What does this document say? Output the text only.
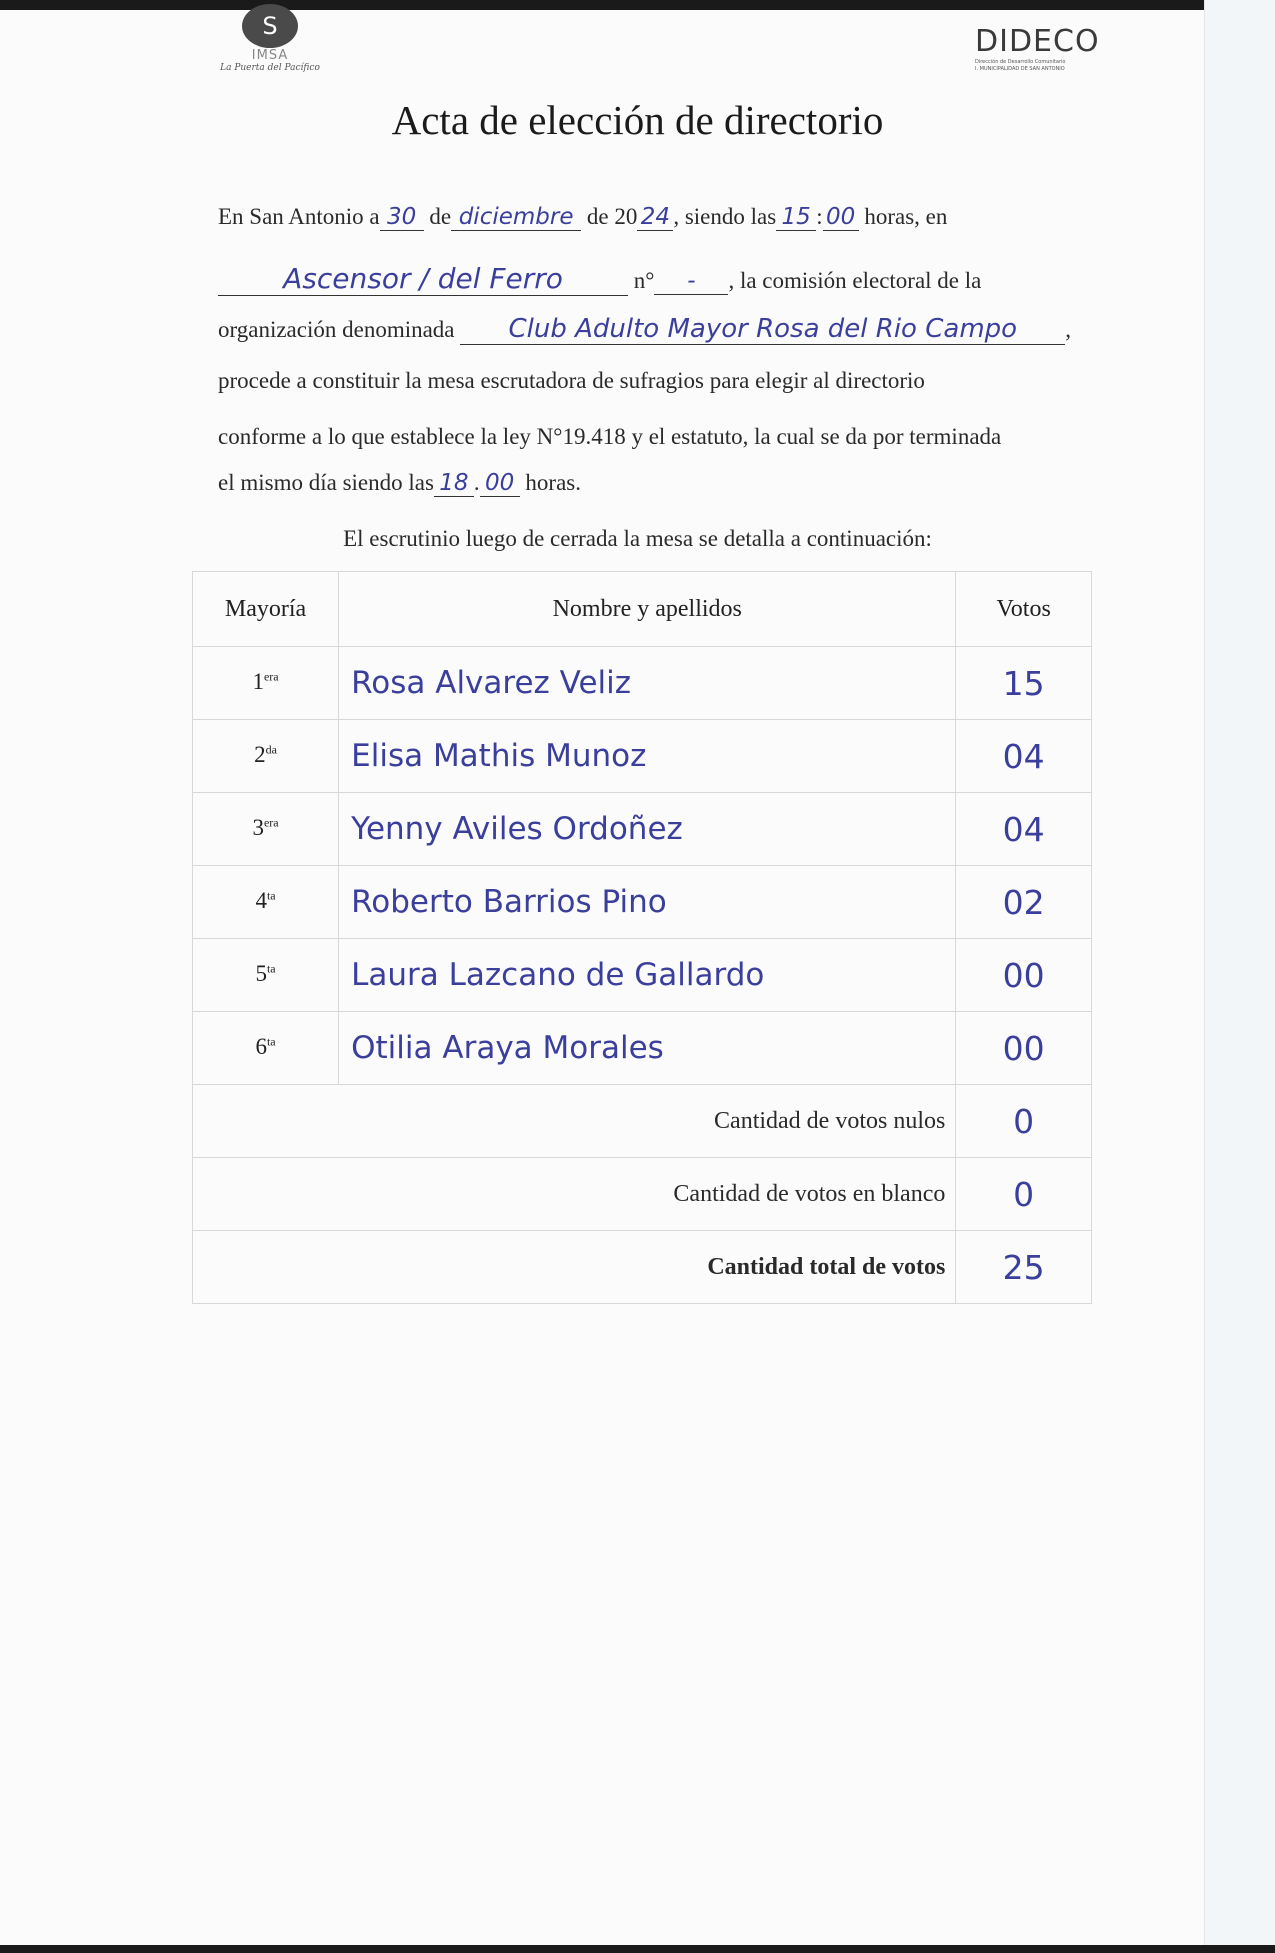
S
IMSA
La Puerta del Pacífico
DIDECO
Dirección de Desarrollo Comunitario
I. MUNICIPALIDAD DE SAN ANTONIO
Acta de elección de directorio
En San Antonio a 30 de diciembre de 20 24 , siendo las 15 : 00 horas, en
Ascensor / del Ferro	n° - , la comisión electoral de la
organización denominada Club Adulto Mayor Rosa del Rio Campo ,
procede a constituir la mesa escrutadora de sufragios para elegir al directorio
conforme a lo que establece la ley N°19.418 y el estatuto, la cual se da por terminada
el mismo día siendo las 18 . 00 horas.
El escrutinio luego de cerrada la mesa se detalla a continuación:
Mayoría	Nombre y apellidos	Votos
$1^{era}$	Rosa Alvarez Veliz	15
$2^{da}$	Elisa Mathis Munoz	04
$3^{era}$	Yenny Aviles Ordoñez	04
$4^{ta}$	Roberto Barrios Pino	02
$5^{ta}$	Laura Lazcano de Gallardo	00
$6^{ta}$	Otilia Araya Morales	00
Cantidad de votos nulos		0
Cantidad de votos en blanco		0
Cantidad total de votos		25
